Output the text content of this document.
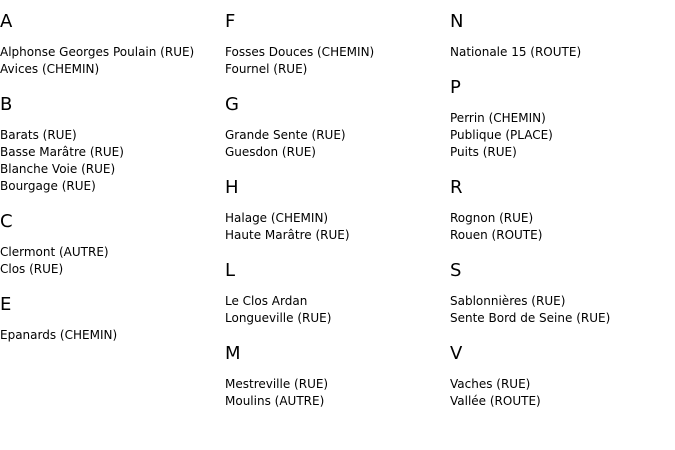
A
Alphonse Georges Poulain (RUE)
Avices (CHEMIN)
B
Barats (RUE)
Basse Marâtre (RUE)
Blanche Voie (RUE)
Bourgage (RUE)
C
Clermont (AUTRE)
Clos (RUE)
E
Epanards (CHEMIN)
F
Fosses Douces (CHEMIN)
Fournel (RUE)
G
Grande Sente (RUE)
Guesdon (RUE)
H
Halage (CHEMIN)
Haute Marâtre (RUE)
L
Le Clos Ardan
Longueville (RUE)
M
Mestreville (RUE)
Moulins (AUTRE)
N
Nationale 15 (ROUTE)
P
Perrin (CHEMIN)
Publique (PLACE)
Puits (RUE)
R
Rognon (RUE)
Rouen (ROUTE)
S
Sablonnières (RUE)
Sente Bord de Seine (RUE)
V
Vaches (RUE)
Vallée (ROUTE)
